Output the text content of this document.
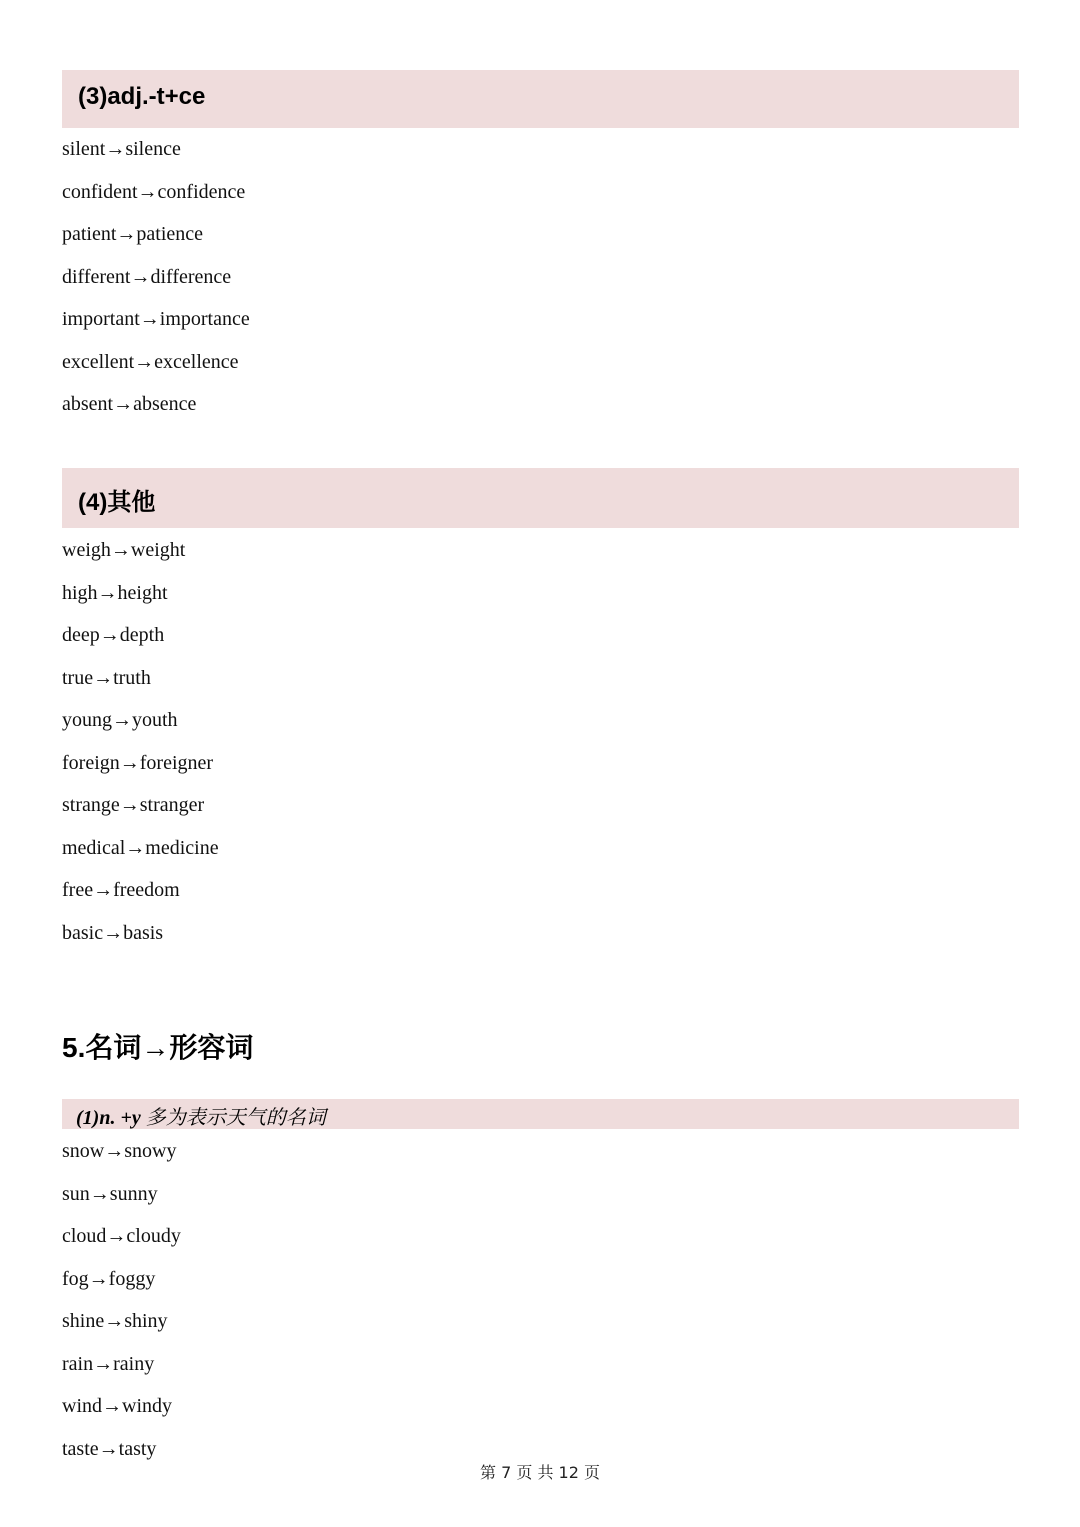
(3)adj.-t+ce
silent→silence
confident→confidence
patient→patience
different→difference
important→importance
excellent→excellence
absent→absence
(4)其他
weigh→weight
high→height
deep→depth
true→truth
young→youth
foreign→foreigner
strange→stranger
medical→medicine
free→freedom
basic→basis
5.名词→形容词
(1)n. +y 多为表示天气的名词
snow→snowy
sun→sunny
cloud→cloudy
fog→foggy
shine→shiny
rain→rainy
wind→windy
taste→tasty
第 7 页 共 12 页
